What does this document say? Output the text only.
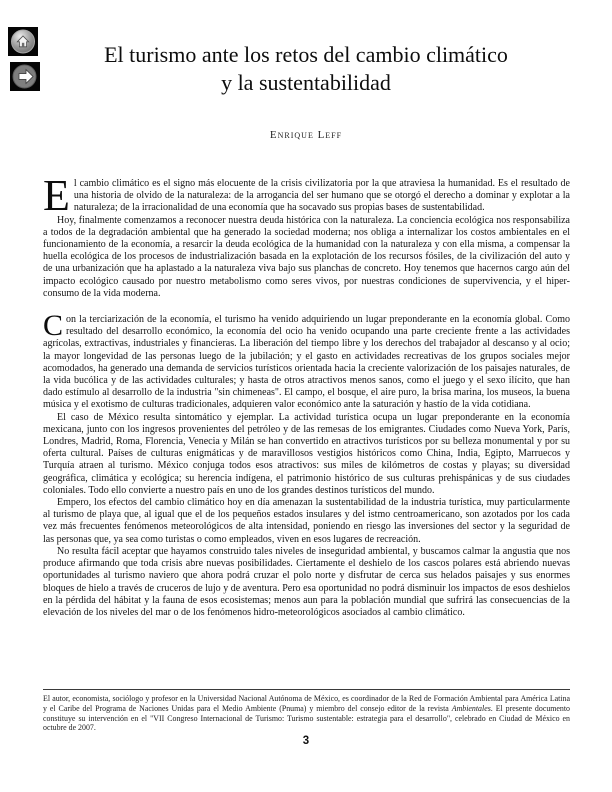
El turismo ante los retos del cambio climático
y la sustentabilidad
Enrique Leff

E l cambio climático es el signo más elocuente de la crisis civilizatoria por la que atraviesa la humanidad. Es el resultado de una historia de olvido de la naturaleza: de la arrogancia del ser humano que se otorgó el derecho a dominar y explotar a la naturaleza; de la irracionalidad de una economía que ha socavado sus propias bases de sustentabilidad.

Hoy, finalmente comenzamos a reconocer nuestra deuda histórica con la naturaleza. La conciencia ecológica nos responsabiliza a todos de la degradación ambiental que ha generado la sociedad moderna; nos obliga a internalizar los costos ambientales en el funcionamiento de la economía, a resarcir la deuda ecológica de la humanidad con la naturaleza y con ella misma, a compensar la huella ecológica de los procesos de industrialización basada en la explotación de los recursos fósiles, de la civilización del auto y de una urbanización que ha aplastado a la naturaleza viva bajo sus planchas de concreto. Hoy tenemos que hacernos cargo aún del impacto ecológico causado por nuestro metabolismo como seres vivos, por nuestras condiciones de supervivencia, y el hiper-consumo de la vida moderna.

C on la terciarización de la economía, el turismo ha venido adquiriendo un lugar preponderante en la economía global. Como resultado del desarrollo económico, la economía del ocio ha venido ocupando una parte creciente frente a las actividades agrícolas, extractivas, industriales y financieras. La liberación del tiempo libre y los derechos del trabajador al descanso y al ocio; la mayor longevidad de las personas luego de la jubilación; y el gasto en actividades recreativas de los grupos sociales mejor acomodados, ha generado una demanda de servicios turísticos orientada hacia la creciente valorización de los paisajes naturales, de la vida bucólica y de las actividades culturales; y hasta de otros atractivos menos sanos, como el juego y el sexo ilícito, que han dado estímulo al desarrollo de la industria "sin chimeneas". El campo, el bosque, el aire puro, la brisa marina, los museos, la buena música y el exotismo de culturas tradicionales, adquieren valor económico ante la saturación y hastío de la vida cotidiana.

El caso de México resulta sintomático y ejemplar. La actividad turística ocupa un lugar preponderante en la economía mexicana, junto con los ingresos provenientes del petróleo y de las remesas de los emigrantes. Ciudades como Nueva York, París, Londres, Madrid, Roma, Florencia, Venecia y Milán se han convertido en atractivos turísticos por su belleza monumental y por su oferta cultural. Países de culturas enigmáticas y de maravillosos vestigios históricos como China, India, Egipto, Marruecos y Turquía atraen al turismo. México conjuga todos esos atractivos: sus miles de kilómetros de costas y playas; su diversidad geográfica, climática y ecológica; su herencia indígena, el patrimonio histórico de sus culturas prehispánicas y de sus ciudades coloniales. Todo ello convierte a nuestro país en uno de los grandes destinos turísticos del mundo.

Empero, los efectos del cambio climático hoy en día amenazan la sustentabilidad de la industria turística, muy particularmente al turismo de playa que, al igual que el de los pequeños estados insulares y del istmo centroamericano, son azotados por los cada vez más frecuentes fenómenos meteorológicos de alta intensidad, poniendo en riesgo las inversiones del sector y la seguridad de las personas que, ya sea como turistas o como empleados, viven en esos lugares de recreación.

No resulta fácil aceptar que hayamos construido tales niveles de inseguridad ambiental, y buscamos calmar la angustia que nos produce afirmando que toda crisis abre nuevas posibilidades. Ciertamente el deshielo de los cascos polares está abriendo nuevas oportunidades al turismo naviero que ahora podrá cruzar el polo norte y disfrutar de cerca sus helados paisajes y sus enormes bloques de hielo a través de cruceros de lujo y de aventura. Pero esa oportunidad no podrá disminuir los impactos de esos deshielos en la pérdida del hábitat y la fauna de esos ecosistemas; menos aun para la población mundial que sufrirá las consecuencias de la elevación de los niveles del mar o de los fenómenos hidro-meteorológicos asociados al cambio climático.

El autor, economista, sociólogo y profesor en la Universidad Nacional Autónoma de México, es coordinador de la Red de Formación Ambiental para América Latina y el Caribe del Programa de Naciones Unidas para el Medio Ambiente (Pnuma) y miembro del consejo editor de la revista Ambientales. El presente documento constituye su intervención en el "VII Congreso Internacional de Turismo: Turismo sustentable: estrategia para el desarrollo", celebrado en Ciudad de México en octubre de 2007.
3
